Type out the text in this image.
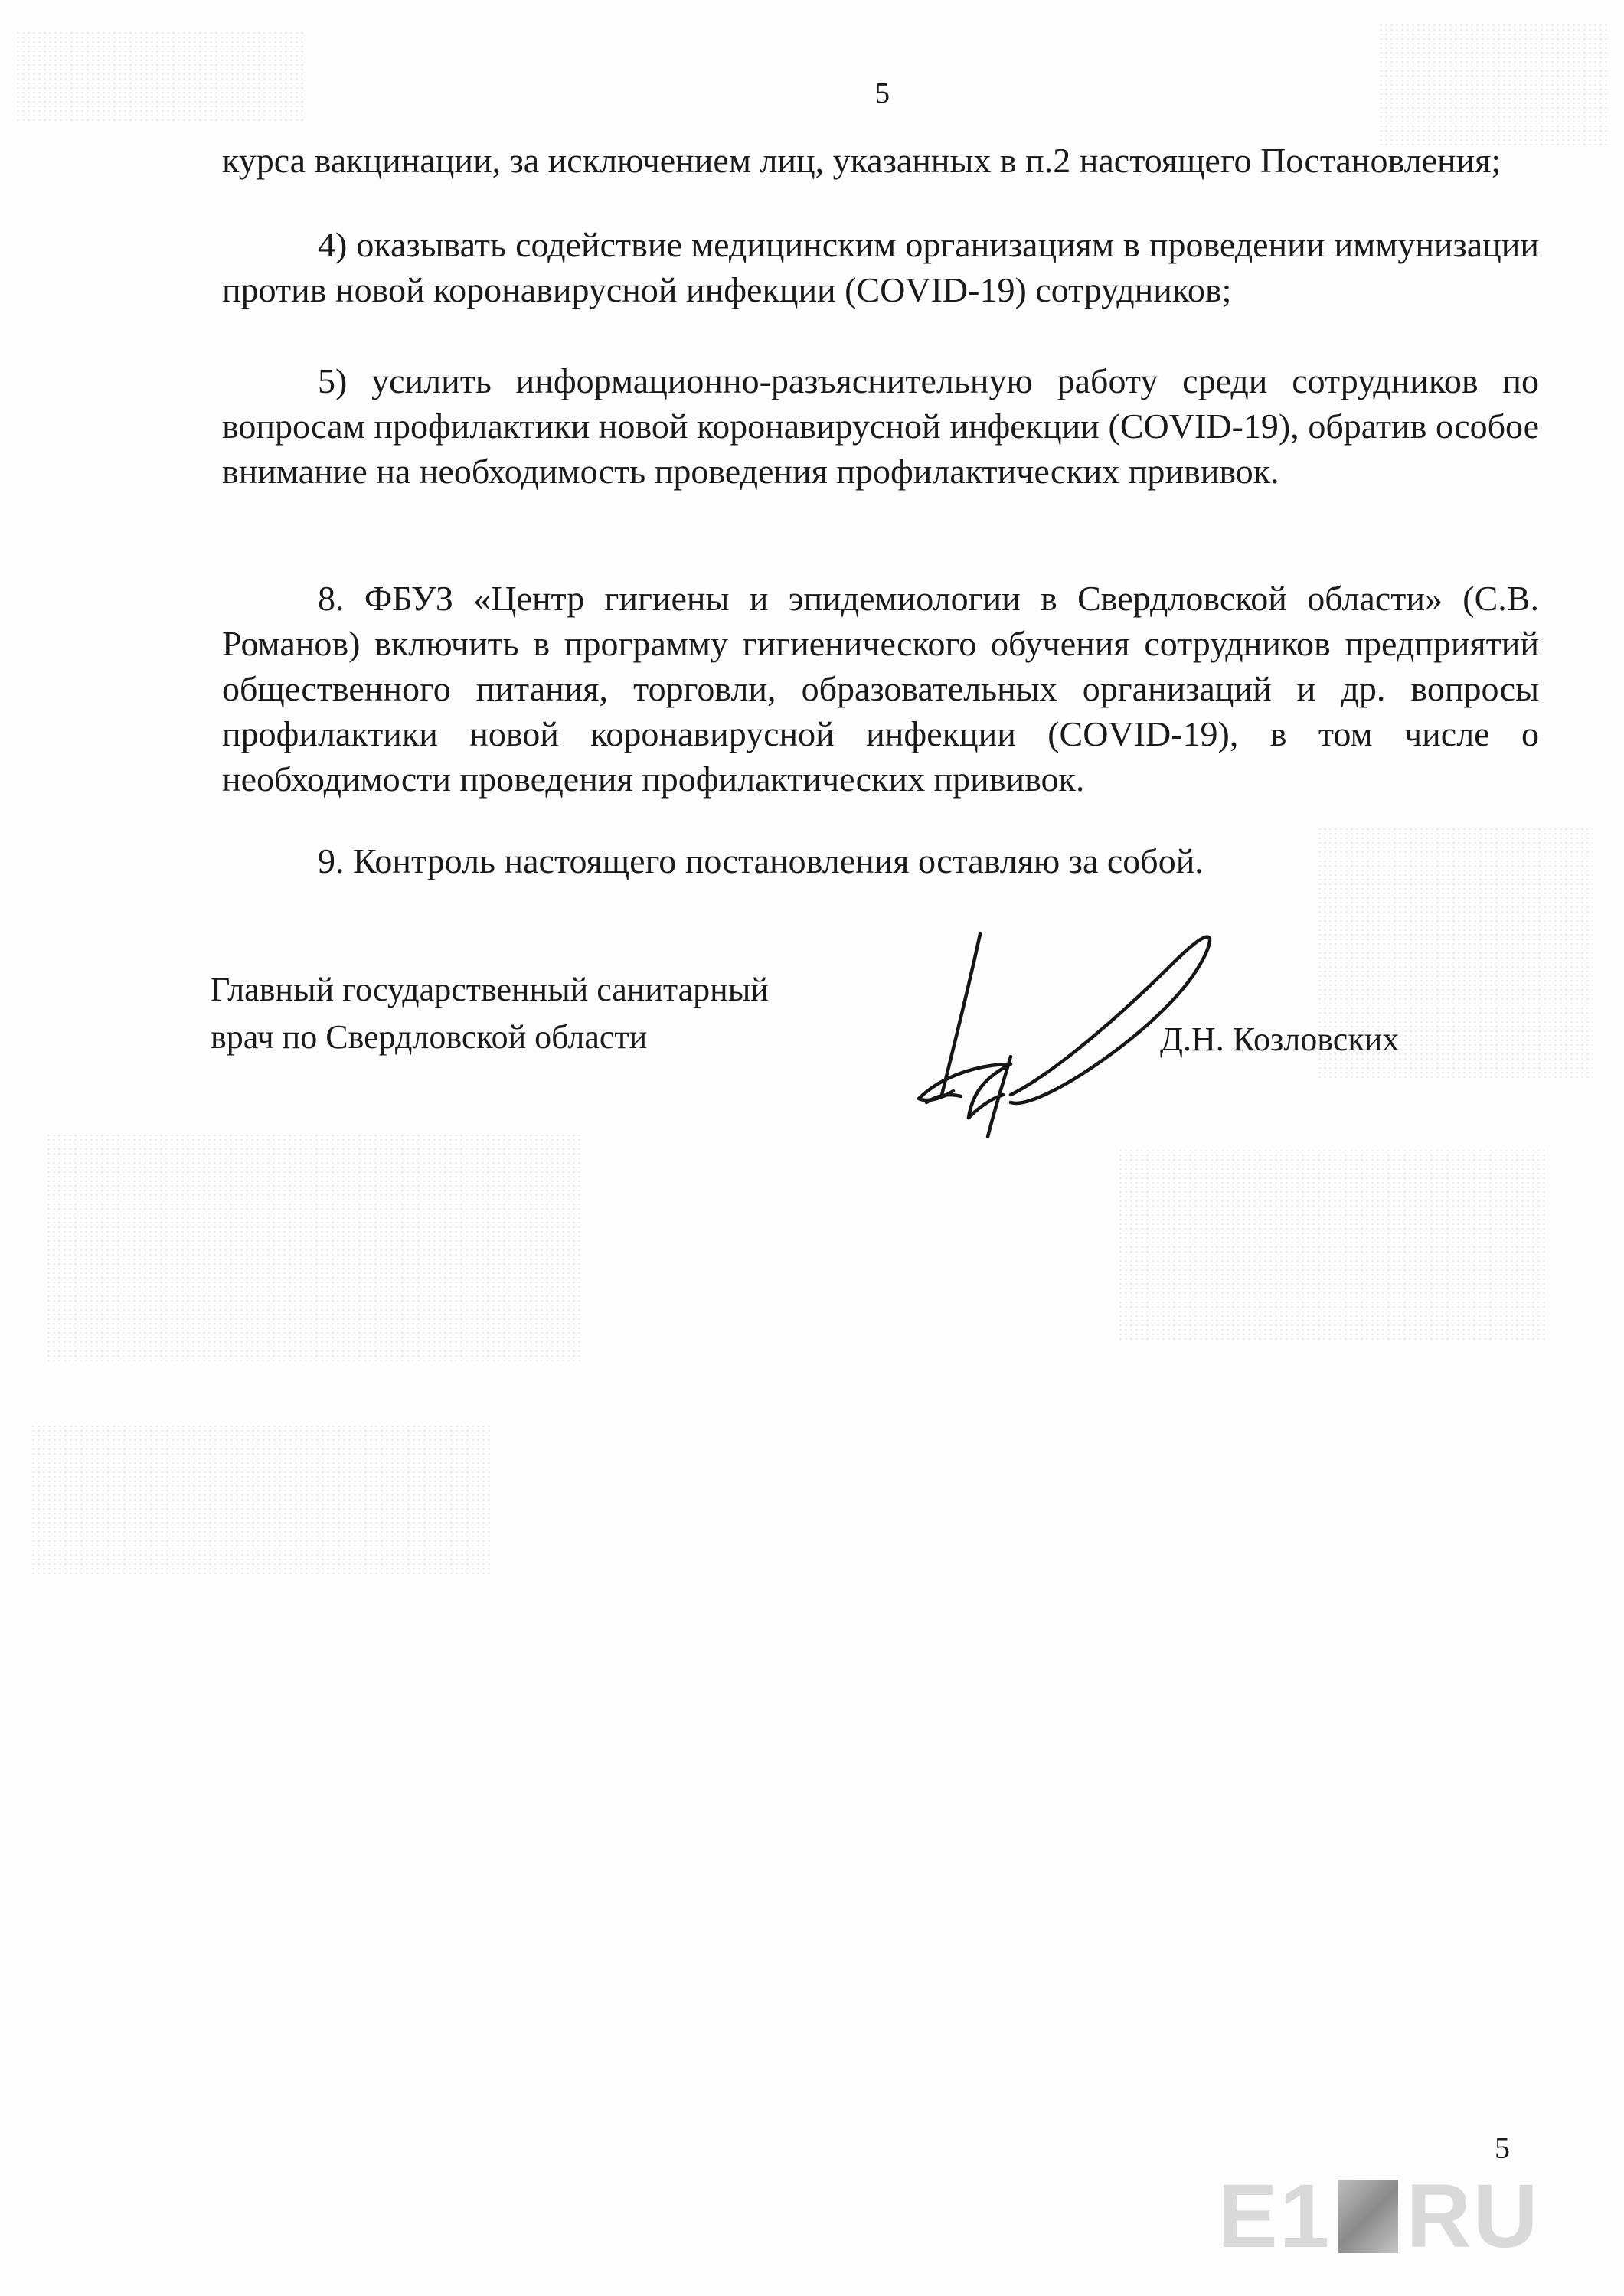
5

курса вакцинации, за исключением лиц, указанных в п.2 настоящего Постановления;

4) оказывать содействие медицинским организациям в проведении иммунизации против новой коронавирусной инфекции (COVID-19) сотрудников;

5) усилить информационно-разъяснительную работу среди сотрудников по вопросам профилактики новой коронавирусной инфекции (COVID-19), обратив особое внимание на необходимость проведения профилактических прививок.

8. ФБУЗ «Центр гигиены и эпидемиологии в Свердловской области» (С.В. Романов) включить в программу гигиенического обучения сотрудников предприятий общественного питания, торговли, образовательных организаций и др. вопросы профилактики новой коронавирусной инфекции (COVID-19), в том числе о необходимости проведения профилактических прививок.

9. Контроль настоящего постановления оставляю за собой.

Главный государственный санитарный
врач по Свердловской области	Д.Н. Козловских
5
E1 RU
